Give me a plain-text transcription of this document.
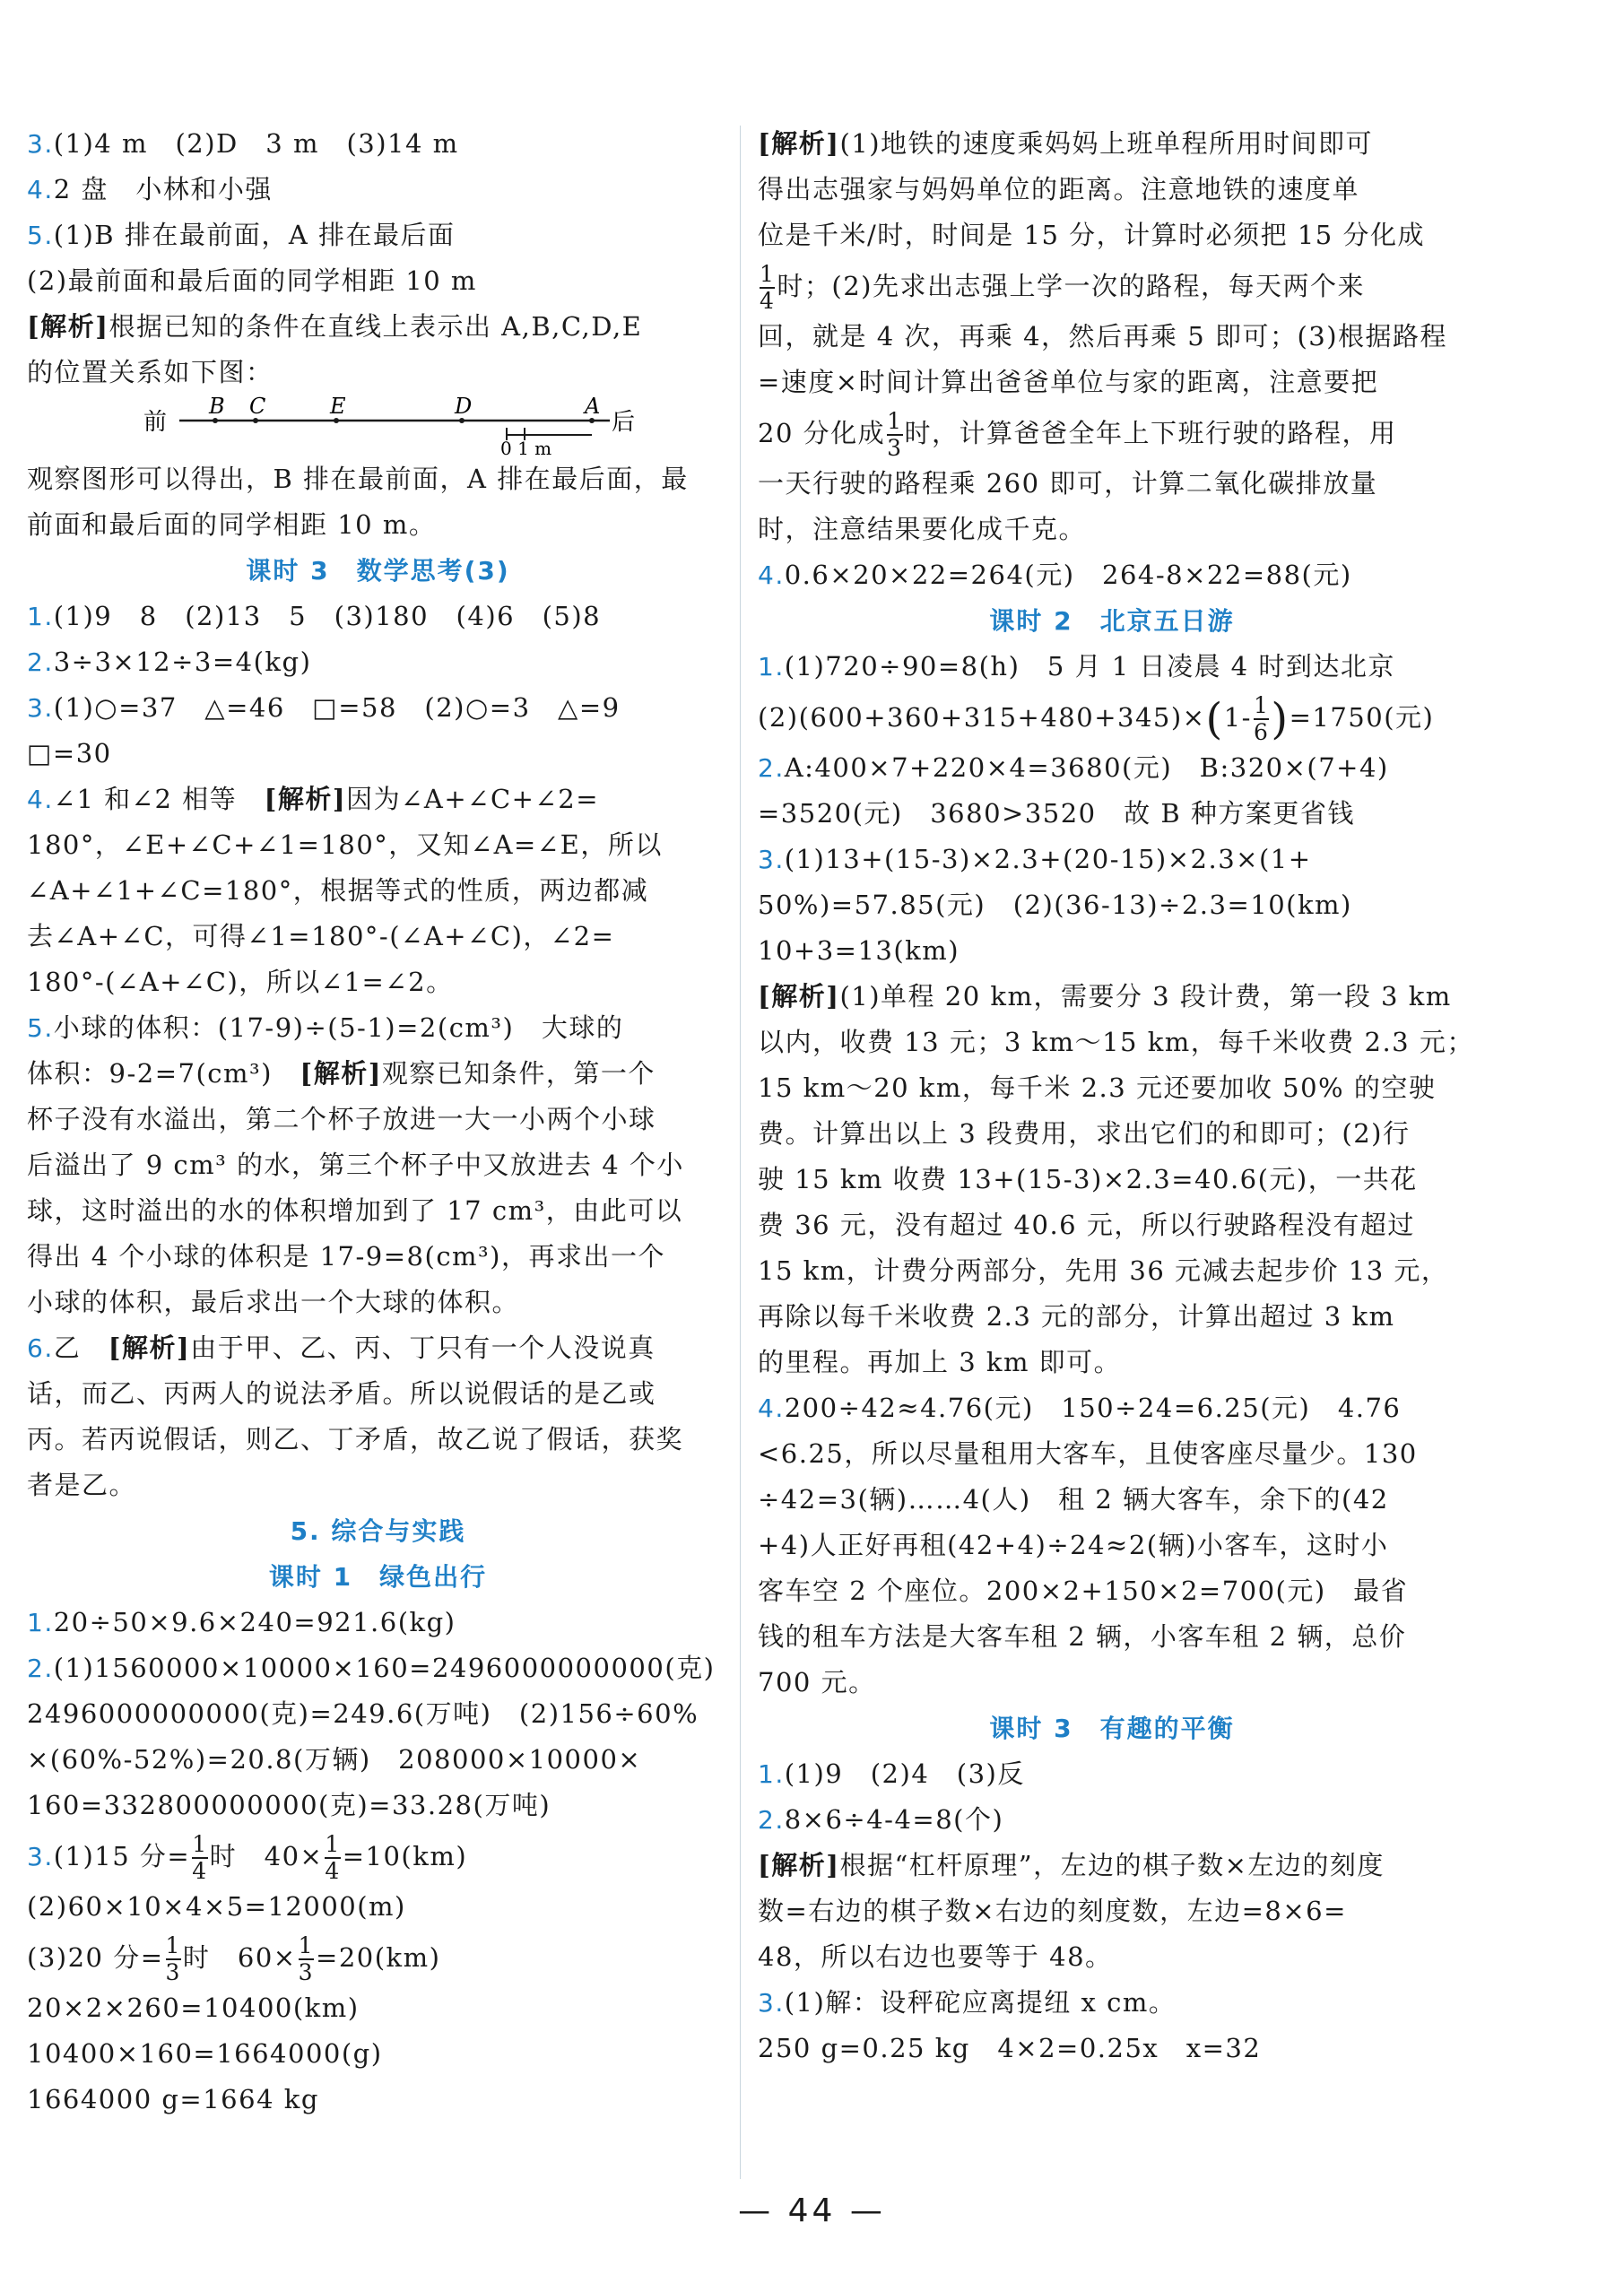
3.(1)4 m　(2)D　3 m　(3)14 m
4.2 盘　小林和小强
5.(1)B 排在最前面，A 排在最后面
(2)最前面和最后面的同学相距 10 m
[解析]根据已知的条件在直线上表示出 A,B,C,D,E
的位置关系如下图：
前
B C	E	D	A
后
0 1 m
观察图形可以得出，B 排在最前面，A 排在最后面，最
前面和最后面的同学相距 10 m。
课时 3　数学思考(3)
1.(1)9　8　(2)13　5　(3)180　(4)6　(5)8
2.3÷3×12÷3=4(kg)
3.(1)○=37　△=46　□=58　(2)○=3　△=9
□=30
4.∠1 和∠2 相等　 [解析]因为∠A+∠C+∠2=
180°，∠E+∠C+∠1=180°，又知∠A=∠E，所以
∠A+∠1+∠C=180°，根据等式的性质，两边都减
去∠A+∠C，可得∠1=180°-(∠A+∠C)，∠2=
180°-(∠A+∠C)，所以∠1=∠2。
5.小球的体积：(17-9)÷(5-1)=2(cm³)　大球的
体积：9-2=7(cm³)　 [解析]观察已知条件，第一个
杯子没有水溢出，第二个杯子放进一大一小两个小球
后溢出了 9 cm³ 的水，第三个杯子中又放进去 4 个小
球，这时溢出的水的体积增加到了 17 cm³，由此可以
得出 4 个小球的体积是 17-9=8(cm³)，再求出一个
小球的体积，最后求出一个大球的体积。
6.乙　 [解析]由于甲、乙、丙、丁只有一个人没说真
话，而乙、丙两人的说法矛盾。所以说假话的是乙或
丙。若丙说假话，则乙、丁矛盾，故乙说了假话，获奖
者是乙。
5. 综合与实践
课时 1　绿色出行
1.20÷50×9.6×240=921.6(kg)
2.(1)1560000×10000×160=2496000000000(克)
2496000000000(克)=249.6(万吨)　(2)156÷60%
×(60%-52%)=20.8(万辆)　208000×10000×
160=332800000000(克)=33.28(万吨)
3.(1)15 分= $\frac{1}{4}$ 时　$40\times \frac{1}{4} =10(km)$
(2)60×10×4×5=12000(m)
(3)20 分= $\frac{1}{3}$ 时　$60\times \frac{1}{3} =20(km)$
20×2×260=10400(km)
10400×160=1664000(g)
1664000 g=1664 kg
[解析](1)地铁的速度乘妈妈上班单程所用时间即可
得出志强家与妈妈单位的距离。注意地铁的速度单
位是千米/时，时间是 15 分，计算时必须把 15 分化成
$\frac{1}{4}$ 时；(2)先求出志强上学一次的路程，每天两个来
回，就是 4 次，再乘 4，然后再乘 5 即可；(3)根据路程
=速度×时间计算出爸爸单位与家的距离，注意要把
20 分化成 $\frac{1}{3}$ 时，计算爸爸全年上下班行驶的路程，用
一天行驶的路程乘 260 即可，计算二氧化碳排放量
时，注意结果要化成千克。
4.0.6×20×22=264(元)　264-8×22=88(元)
课时 2　北京五日游
1.(1)720÷90=8(h)　5 月 1 日凌晨 4 时到达北京
$(2)(600+360+315+480+345)\times(1- \frac{1}{6} )=1750$(元)
2.A:400×7+220×4=3680(元)　B:320×(7+4)
=3520(元)　3680>3520　故 B 种方案更省钱
3.(1)13+(15-3)×2.3+(20-15)×2.3×(1+
50%)=57.85(元)　(2)(36-13)÷2.3=10(km)
10+3=13(km)
[解析](1)单程 20 km，需要分 3 段计费，第一段 3 km
以内，收费 13 元；3 km～15 km，每千米收费 2.3 元；
15 km～20 km，每千米 2.3 元还要加收 50% 的空驶
费。计算出以上 3 段费用，求出它们的和即可；(2)行
驶 15 km 收费 13+(15-3)×2.3=40.6(元)，一共花
费 36 元，没有超过 40.6 元，所以行驶路程没有超过
15 km，计费分两部分，先用 36 元减去起步价 13 元，
再除以每千米收费 2.3 元的部分，计算出超过 3 km
的里程。再加上 3 km 即可。
4.200÷42≈4.76(元)　150÷24=6.25(元)　4.76
<6.25，所以尽量租用大客车，且使客座尽量少。130
÷42=3(辆)……4(人)　租 2 辆大客车，余下的(42
+4)人正好再租(42+4)÷24≈2(辆)小客车，这时小
客车空 2 个座位。200×2+150×2=700(元)　最省
钱的租车方法是大客车租 2 辆，小客车租 2 辆，总价
700 元。
课时 3　有趣的平衡
1.(1)9　(2)4　(3)反
2.8×6÷4-4=8(个)
[解析]根据“杠杆原理”，左边的棋子数×左边的刻度
数=右边的棋子数×右边的刻度数，左边=8×6=
48，所以右边也要等于 48。
3.(1)解：设秤砣应离提纽 x cm。
250 g=0.25 kg　4×2=0.25x　x=32
— 44 —
